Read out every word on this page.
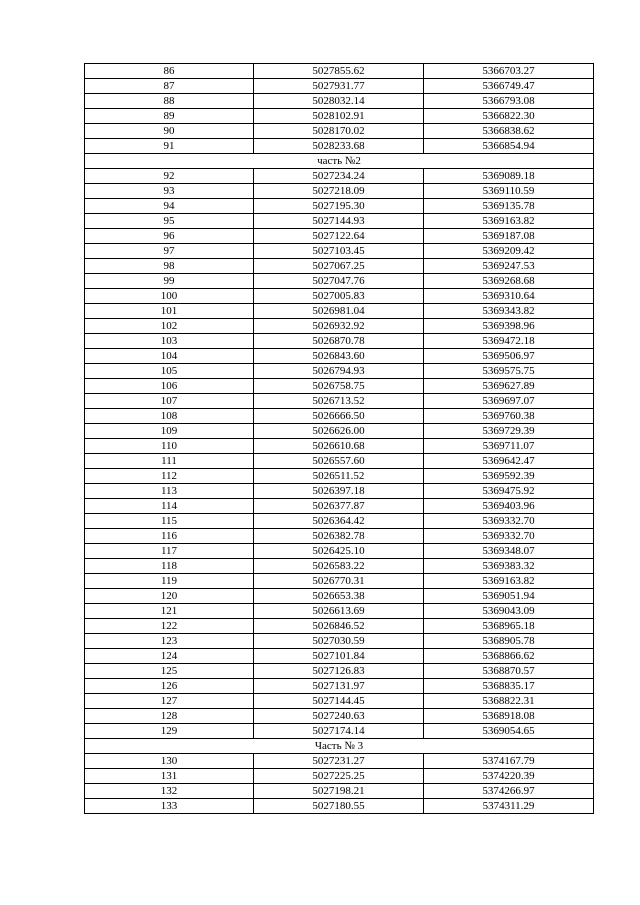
86	5027855.62	5366703.27
87	5027931.77	5366749.47
88	5028032.14	5366793.08
89	5028102.91	5366822.30
90	5028170.02	5366838.62
91	5028233.68	5366854.94
часть №2		
92	5027234.24	5369089.18
93	5027218.09	5369110.59
94	5027195.30	5369135.78
95	5027144.93	5369163.82
96	5027122.64	5369187.08
97	5027103.45	5369209.42
98	5027067.25	5369247.53
99	5027047.76	5369268.68
100	5027005.83	5369310.64
101	5026981.04	5369343.82
102	5026932.92	5369398.96
103	5026870.78	5369472.18
104	5026843.60	5369506.97
105	5026794.93	5369575.75
106	5026758.75	5369627.89
107	5026713.52	5369697.07
108	5026666.50	5369760.38
109	5026626.00	5369729.39
110	5026610.68	5369711.07
111	5026557.60	5369642.47
112	5026511.52	5369592.39
113	5026397.18	5369475.92
114	5026377.87	5369403.96
115	5026364.42	5369332.70
116	5026382.78	5369332.70
117	5026425.10	5369348.07
118	5026583.22	5369383.32
119	5026770.31	5369163.82
120	5026653.38	5369051.94
121	5026613.69	5369043.09
122	5026846.52	5368965.18
123	5027030.59	5368905.78
124	5027101.84	5368866.62
125	5027126.83	5368870.57
126	5027131.97	5368835.17
127	5027144.45	5368822.31
128	5027240.63	5368918.08
129	5027174.14	5369054.65
Часть № 3		
130	5027231.27	5374167.79
131	5027225.25	5374220.39
132	5027198.21	5374266.97
133	5027180.55	5374311.29
